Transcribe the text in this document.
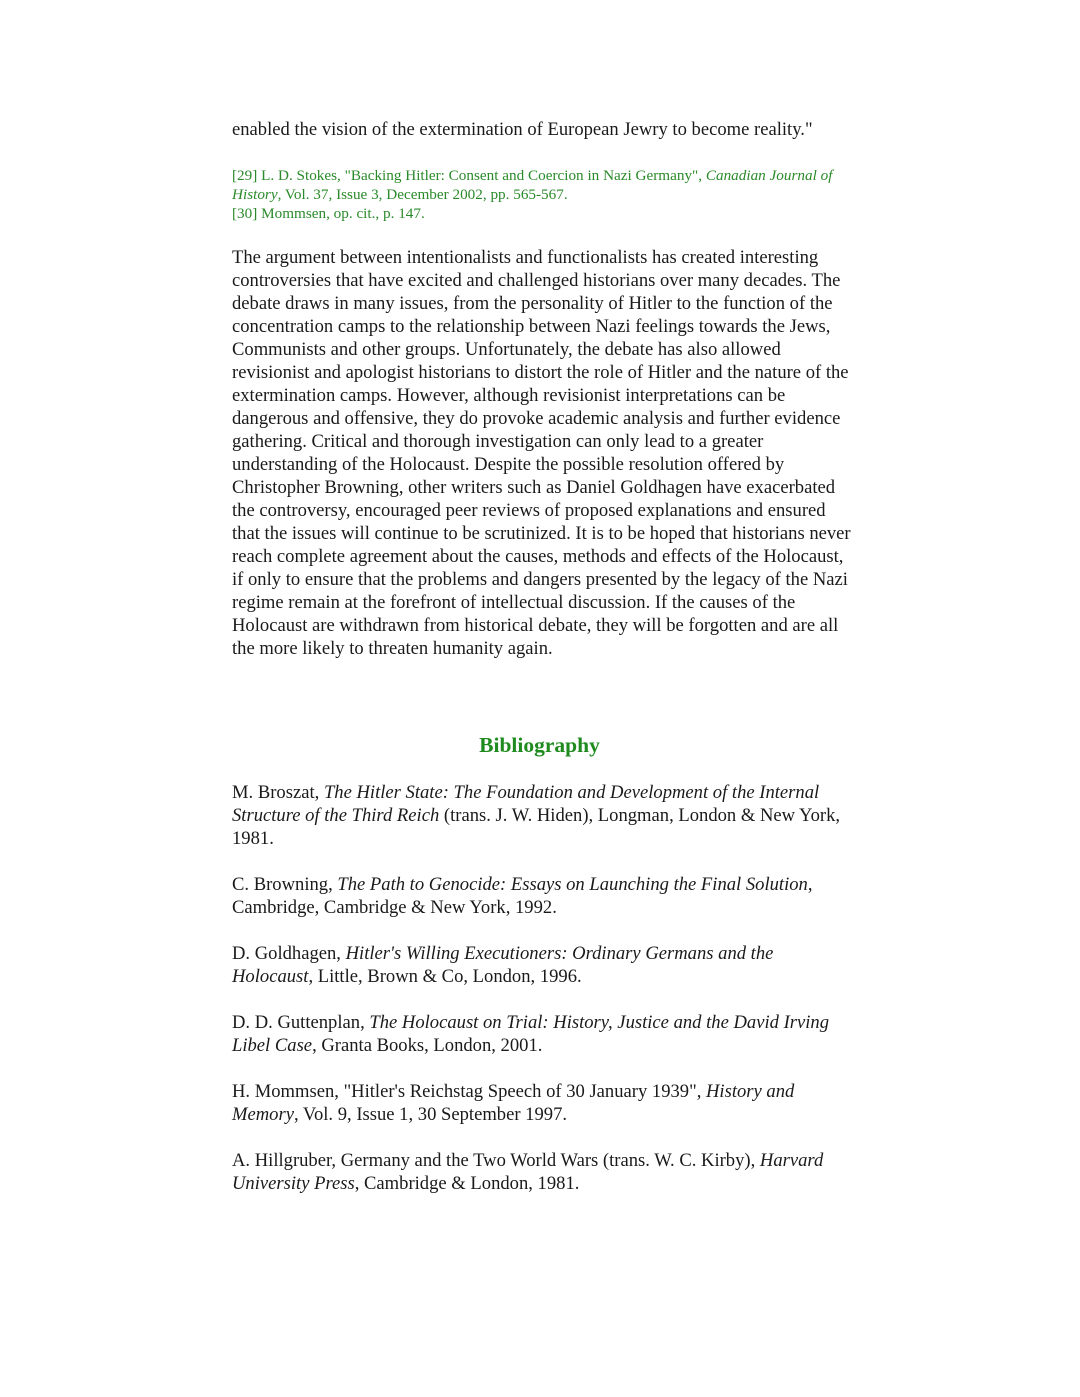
enabled the vision of the extermination of European Jewry to become reality."

[29] L. D. Stokes, "Backing Hitler: Consent and Coercion in Nazi Germany", Canadian Journal of History, Vol. 37, Issue 3, December 2002, pp. 565-567.

[30] Mommsen, op. cit., p. 147.

The argument between intentionalists and functionalists has created interesting controversies that have excited and challenged historians over many decades. The debate draws in many issues, from the personality of Hitler to the function of the concentration camps to the relationship between Nazi feelings towards the Jews, Communists and other groups. Unfortunately, the debate has also allowed revisionist and apologist historians to distort the role of Hitler and the nature of the extermination camps. However, although revisionist interpretations can be dangerous and offensive, they do provoke academic analysis and further evidence gathering. Critical and thorough investigation can only lead to a greater understanding of the Holocaust. Despite the possible resolution offered by Christopher Browning, other writers such as Daniel Goldhagen have exacerbated the controversy, encouraged peer reviews of proposed explanations and ensured that the issues will continue to be scrutinized. It is to be hoped that historians never reach complete agreement about the causes, methods and effects of the Holocaust, if only to ensure that the problems and dangers presented by the legacy of the Nazi regime remain at the forefront of intellectual discussion. If the causes of the Holocaust are withdrawn from historical debate, they will be forgotten and are all the more likely to threaten humanity again.

Bibliography

M. Broszat, The Hitler State: The Foundation and Development of the Internal Structure of the Third Reich (trans. J. W. Hiden), Longman, London & New York, 1981.

C. Browning, The Path to Genocide: Essays on Launching the Final Solution, Cambridge, Cambridge & New York, 1992.

D. Goldhagen, Hitler's Willing Executioners: Ordinary Germans and the Holocaust, Little, Brown & Co, London, 1996.

D. D. Guttenplan, The Holocaust on Trial: History, Justice and the David Irving Libel Case, Granta Books, London, 2001.

H. Mommsen, "Hitler's Reichstag Speech of 30 January 1939", History and Memory, Vol. 9, Issue 1, 30 September 1997.

A. Hillgruber, Germany and the Two World Wars (trans. W. C. Kirby), Harvard University Press, Cambridge & London, 1981.
